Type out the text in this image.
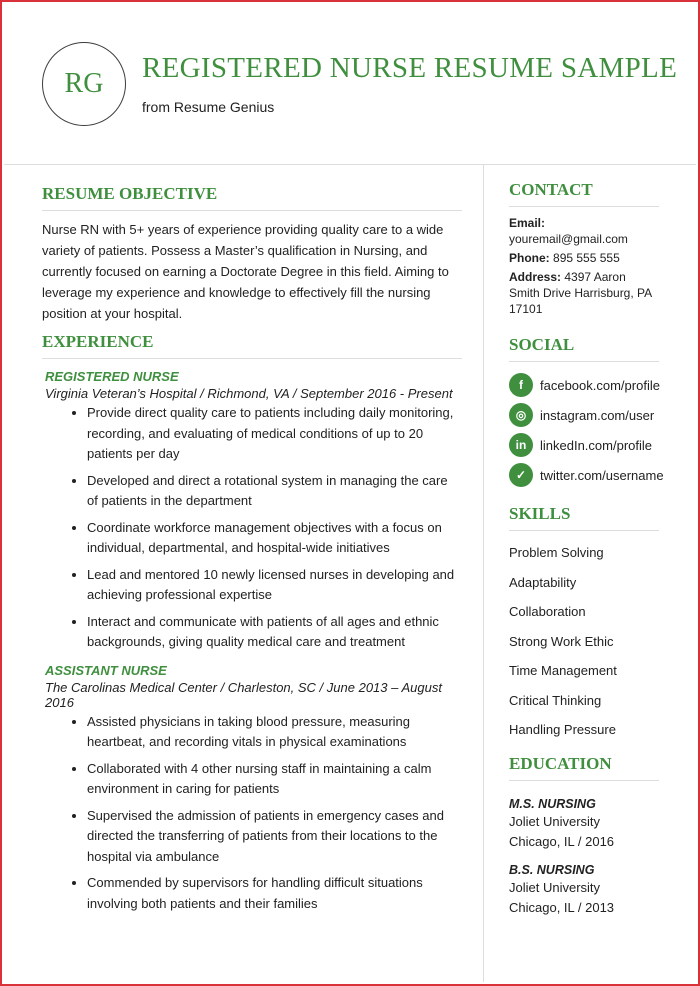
RG	REGISTERED NURSE RESUME SAMPLE
from Resume Genius
RESUME OBJECTIVE

Nurse RN with 5+ years of experience providing quality care to a wide variety of patients. Possess a Master’s qualification in Nursing, and currently focused on earning a Doctorate Degree in this field. Aiming to leverage my experience and knowledge to effectively fill the nursing position at your hospital.

EXPERIENCE
REGISTERED NURSE
Virginia Veteran’s Hospital / Richmond, VA / September 2016 - Present
• Provide direct quality care to patients including daily monitoring, recording, and evaluating of medical conditions of up to 20 patients per day
• Developed and direct a rotational system in managing the care of patients in the department
• Coordinate workforce management objectives with a focus on individual, departmental, and hospital-wide initiatives
• Lead and mentored 10 newly licensed nurses in developing and achieving professional expertise
• Interact and communicate with patients of all ages and ethnic backgrounds, giving quality medical care and treatment
ASSISTANT NURSE
The Carolinas Medical Center / Charleston, SC / June 2013 – August 2016
• Assisted physicians in taking blood pressure, measuring heartbeat, and recording vitals in physical examinations
• Collaborated with 4 other nursing staff in maintaining a calm environment in caring for patients
• Supervised the admission of patients in emergency cases and directed the transferring of patients from their locations to the hospital via ambulance
• Commended by supervisors for handling difficult situations involving both patients and their families
CONTACT

Email: youremail@gmail.com

Phone: 895 555 555

Address: 4397 Aaron Smith Drive Harrisburg, PA 17101

SOCIAL
f	facebook.com/profile
◎	instagram.com/user
in	linkedIn.com/profile
✓	twitter.com/username
SKILLS
Problem Solving
Adaptability
Collaboration
Strong Work Ethic
Time Management
Critical Thinking
Handling Pressure
EDUCATION
M.S. NURSING
Joliet University
Chicago, IL / 2016
B.S. NURSING
Joliet University
Chicago, IL / 2013
